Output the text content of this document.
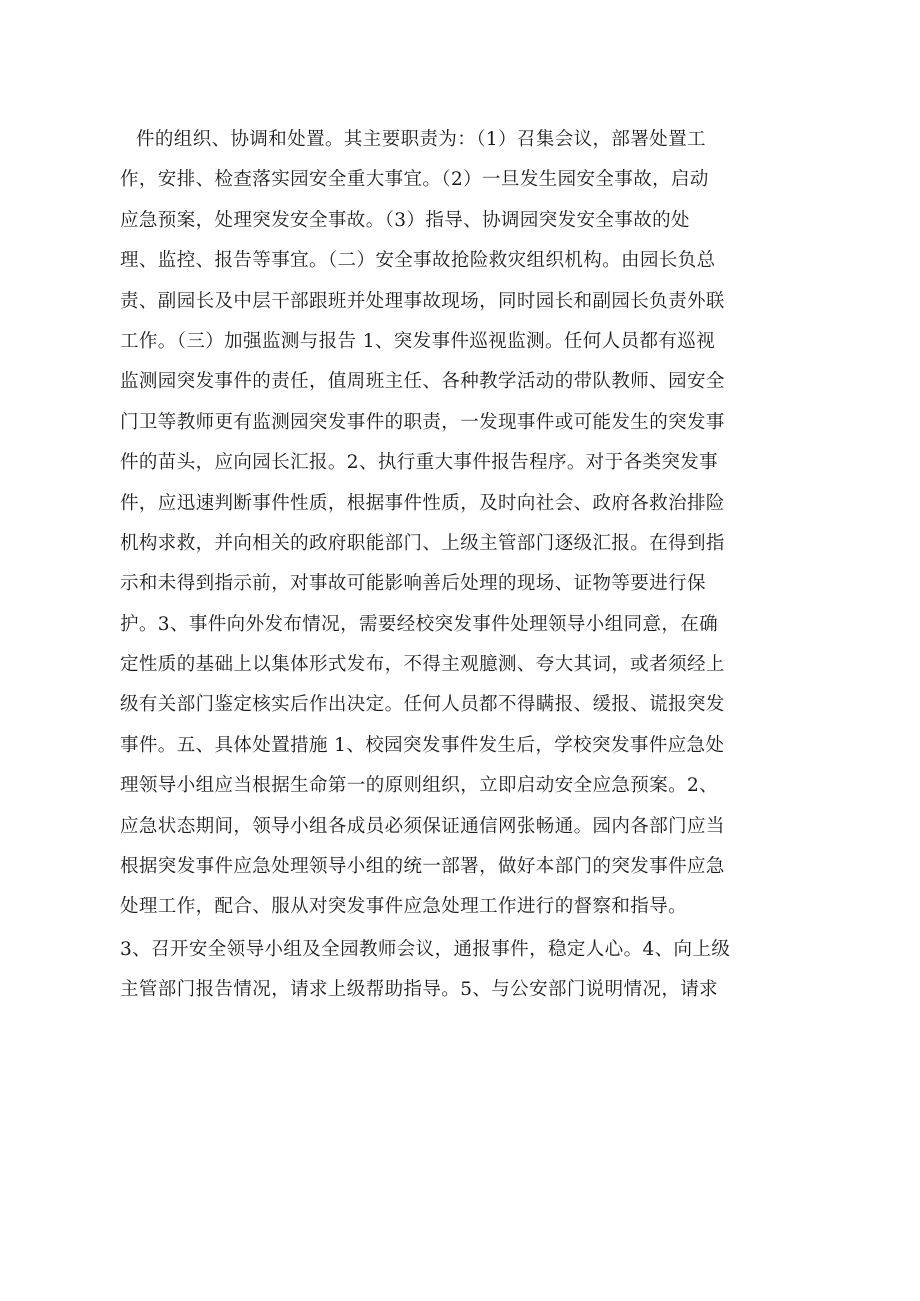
件的组织、协调和处置。其主要职责为：（1）召集会议，部署处置工
作，安排、检查落实园安全重大事宜。（2）一旦发生园安全事故，启动
应急预案，处理突发安全事故。（3）指导、协调园突发安全事故的处
理、监控、报告等事宜。（二）安全事故抢险救灾组织机构。由园长负总
责、副园长及中层干部跟班并处理事故现场，同时园长和副园长负责外联
工作。（三）加强监测与报告 1、突发事件巡视监测。任何人员都有巡视
监测园突发事件的责任，值周班主任、各种教学活动的带队教师、园安全
门卫等教师更有监测园突发事件的职责，一发现事件或可能发生的突发事
件的苗头，应向园长汇报。2、执行重大事件报告程序。对于各类突发事
件，应迅速判断事件性质，根据事件性质，及时向社会、政府各救治排险
机构求救，并向相关的政府职能部门、上级主管部门逐级汇报。在得到指
示和未得到指示前，对事故可能影响善后处理的现场、证物等要进行保
护。3、事件向外发布情况，需要经校突发事件处理领导小组同意，在确
定性质的基础上以集体形式发布，不得主观臆测、夸大其词，或者须经上
级有关部门鉴定核实后作出决定。任何人员都不得瞒报、缓报、谎报突发
事件。五、具体处置措施 1、校园突发事件发生后，学校突发事件应急处
理领导小组应当根据生命第一的原则组织，立即启动安全应急预案。2、
应急状态期间，领导小组各成员必须保证通信网张畅通。园内各部门应当
根据突发事件应急处理领导小组的统一部署，做好本部门的突发事件应急
处理工作，配合、服从对突发事件应急处理工作进行的督察和指导。
3、召开安全领导小组及全园教师会议，通报事件，稳定人心。4、向上级
主管部门报告情况，请求上级帮助指导。5、与公安部门说明情况，请求
